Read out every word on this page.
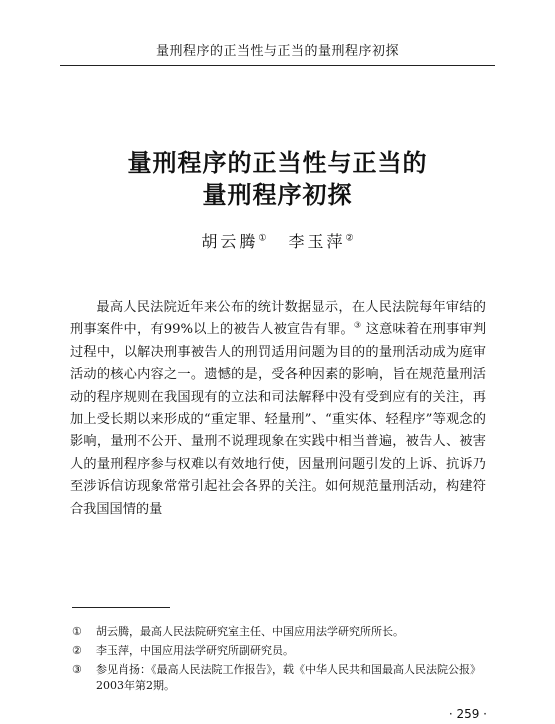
量刑程序的正当性与正当的量刑程序初探
量刑程序的正当性与正当的
量刑程序初探
胡云腾① 李玉萍②

最高人民法院近年来公布的统计数据显示，在人民法院每年审结的刑事案件中，有99%以上的被告人被宣告有罪。③ 这意味着在刑事审判过程中，以解决刑事被告人的刑罚适用问题为目的的量刑活动成为庭审活动的核心内容之一。遗憾的是，受各种因素的影响，旨在规范量刑活动的程序规则在我国现有的立法和司法解释中没有受到应有的关注，再加上受长期以来形成的“重定罪、轻量刑”、“重实体、轻程序”等观念的影响，量刑不公开、量刑不说理现象在实践中相当普遍，被告人、被害人的量刑程序参与权难以有效地行使，因量刑问题引发的上诉、抗诉乃至涉诉信访现象常常引起社会各界的关注。如何规范量刑活动，构建符合我国国情的量

①	胡云腾，最高人民法院研究室主任、中国应用法学研究所所长。
②	李玉萍，中国应用法学研究所副研究员。
③	参见肖扬：《最高人民法院工作报告》，载《中华人民共和国最高人民法院公报》2003年第2期。
· 259 ·
